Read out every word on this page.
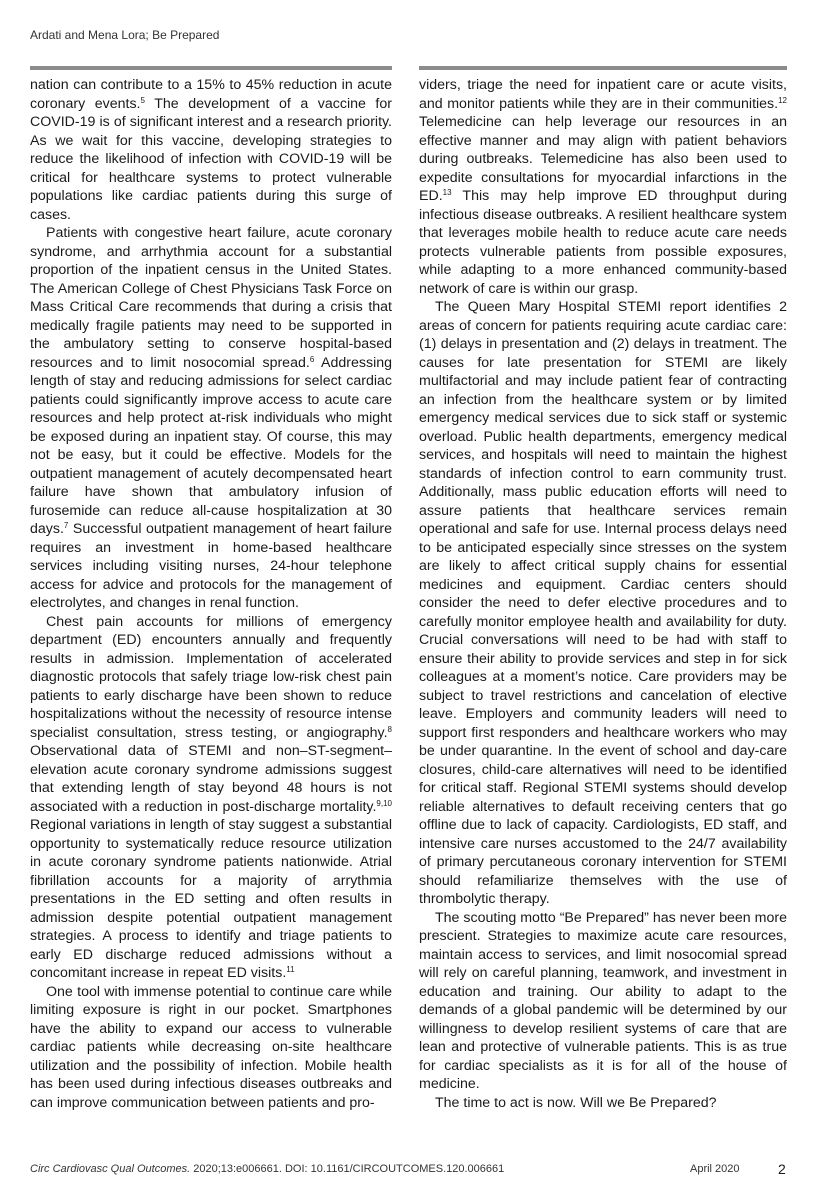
Ardati and Mena Lora; Be Prepared

nation can contribute to a 15% to 45% reduction in acute coronary events.$^5$ The development of a vaccine for COVID-19 is of significant interest and a research priority. As we wait for this vaccine, developing strategies to reduce the likelihood of infection with COVID-19 will be critical for healthcare systems to protect vulnerable populations like cardiac patients during this surge of cases.

Patients with congestive heart failure, acute coronary syndrome, and arrhythmia account for a substantial proportion of the inpatient census in the United States. The American College of Chest Physicians Task Force on Mass Critical Care recommends that during a crisis that medically fragile patients may need to be supported in the ambulatory setting to conserve hospital-based resources and to limit nosocomial spread.$^6$ Addressing length of stay and reducing admissions for select cardiac patients could significantly improve access to acute care resources and help protect at-risk individuals who might be exposed during an inpatient stay. Of course, this may not be easy, but it could be effective. Models for the outpatient management of acutely decompensated heart failure have shown that ambulatory infusion of furosemide can reduce all-cause hospitalization at 30 days.$^7$ Successful outpatient management of heart failure requires an investment in home-based healthcare services including visiting nurses, 24-hour telephone access for advice and protocols for the management of electrolytes, and changes in renal function.

Chest pain accounts for millions of emergency department (ED) encounters annually and frequently results in admission. Implementation of accelerated diagnostic protocols that safely triage low-risk chest pain patients to early discharge have been shown to reduce hospitalizations without the necessity of resource intense specialist consultation, stress testing, or angiography.$^8$ Observational data of STEMI and non–ST-segment–elevation acute coronary syndrome admissions suggest that extending length of stay beyond 48 hours is not associated with a reduction in post-discharge mortality.$^{9,10}$ Regional variations in length of stay suggest a substantial opportunity to systematically reduce resource utilization in acute coronary syndrome patients nationwide. Atrial fibrillation accounts for a majority of arrythmia presentations in the ED setting and often results in admission despite potential outpatient management strategies. A process to identify and triage patients to early ED discharge reduced admissions without a concomitant increase in repeat ED visits.$^{11}$

One tool with immense potential to continue care while limiting exposure is right in our pocket. Smartphones have the ability to expand our access to vulnerable cardiac patients while decreasing on-site healthcare utilization and the possibility of infection. Mobile health has been used during infectious diseases outbreaks and can improve communication between patients and pro-

viders, triage the need for inpatient care or acute visits, and monitor patients while they are in their communities.$^{12}$ Telemedicine can help leverage our resources in an effective manner and may align with patient behaviors during outbreaks. Telemedicine has also been used to expedite consultations for myocardial infarctions in the ED.$^{13}$ This may help improve ED throughput during infectious disease outbreaks. A resilient healthcare system that leverages mobile health to reduce acute care needs protects vulnerable patients from possible exposures, while adapting to a more enhanced community-based network of care is within our grasp.

The Queen Mary Hospital STEMI report identifies 2 areas of concern for patients requiring acute cardiac care: (1) delays in presentation and (2) delays in treatment. The causes for late presentation for STEMI are likely multifactorial and may include patient fear of contracting an infection from the healthcare system or by limited emergency medical services due to sick staff or systemic overload. Public health departments, emergency medical services, and hospitals will need to maintain the highest standards of infection control to earn community trust. Additionally, mass public education efforts will need to assure patients that healthcare services remain operational and safe for use. Internal process delays need to be anticipated especially since stresses on the system are likely to affect critical supply chains for essential medicines and equipment. Cardiac centers should consider the need to defer elective procedures and to carefully monitor employee health and availability for duty. Crucial conversations will need to be had with staff to ensure their ability to provide services and step in for sick colleagues at a moment’s notice. Care providers may be subject to travel restrictions and cancelation of elective leave. Employers and community leaders will need to support first responders and healthcare workers who may be under quarantine. In the event of school and day-care closures, child-care alternatives will need to be identified for critical staff. Regional STEMI systems should develop reliable alternatives to default receiving centers that go offline due to lack of capacity. Cardiologists, ED staff, and intensive care nurses accustomed to the 24/7 availability of primary percutaneous coronary intervention for STEMI should refamiliarize themselves with the use of thrombolytic therapy.

The scouting motto “Be Prepared” has never been more prescient. Strategies to maximize acute care resources, maintain access to services, and limit nosocomial spread will rely on careful planning, teamwork, and investment in education and training. Our ability to adapt to the demands of a global pandemic will be determined by our willingness to develop resilient systems of care that are lean and protective of vulnerable patients. This is as true for cardiac specialists as it is for all of the house of medicine.

The time to act is now. Will we Be Prepared?

Circ Cardiovasc Qual Outcomes. 2020;13:e006661. DOI: 10.1161/CIRCOUTCOMES.120.006661	April 2020	2
